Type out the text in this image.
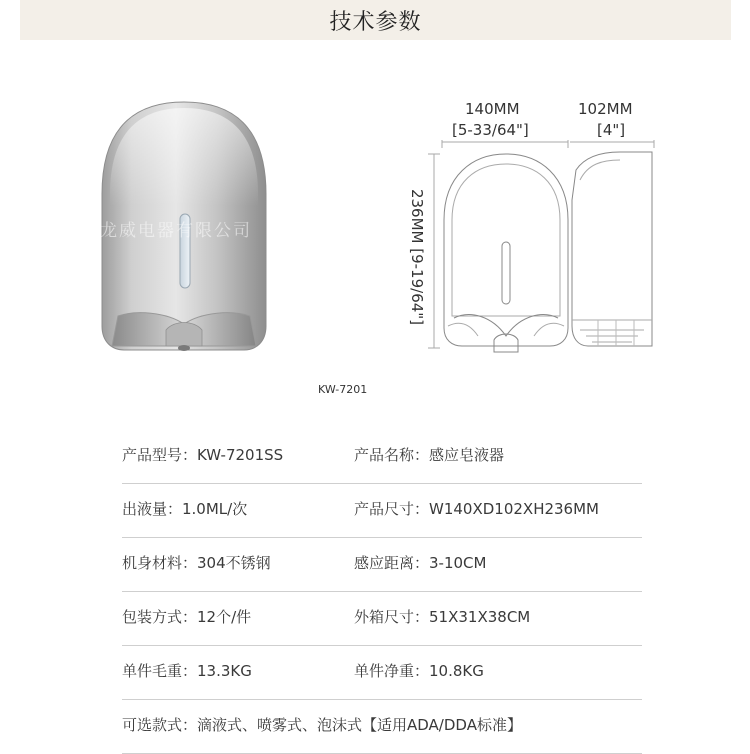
技术参数
浙江龙威电器有限公司
KW-7201
140MM
[5-33/64"]
102MM
[4"]
236MM [9-19/64"]
产品型号：KW-7201SS	产品名称：感应皂液器
出液量：1.0ML/次	产品尺寸：W140XD102XH236MM
机身材料：304不锈钢	感应距离：3-10CM
包装方式：12个/件	外箱尺寸：51X31X38CM
单件毛重：13.3KG	单件净重：10.8KG
可选款式：滴液式、喷雾式、泡沫式【适用ADA/DDA标准】
